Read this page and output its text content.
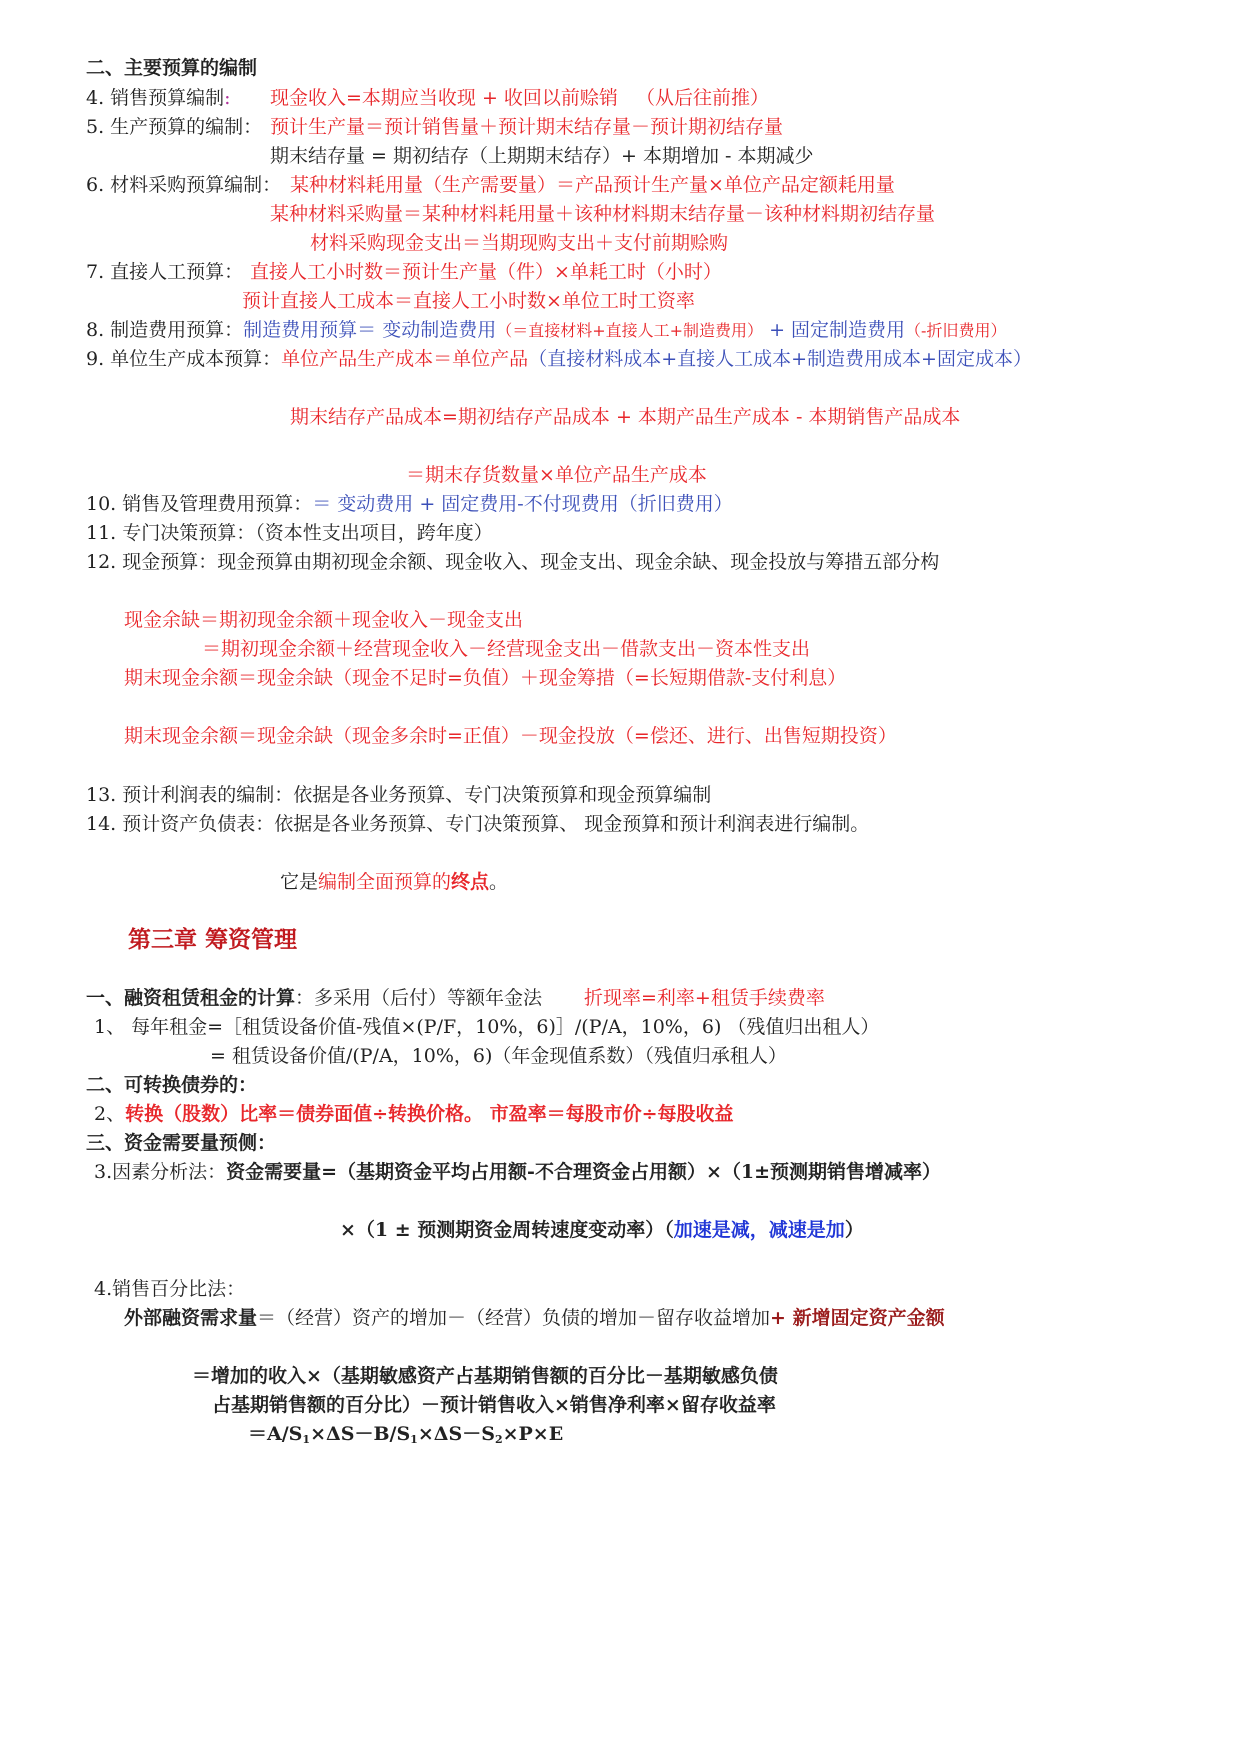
二、主要预算的编制
4. 销售预算编制: 现金收入=本期应当收现 + 收回以前赊销 （从后往前推）
5. 生产预算的编制： 预计生产量＝预计销售量＋预计期末结存量－预计期初结存量
期末结存量 = 期初结存（上期期末结存）+ 本期增加 - 本期减少
6. 材料采购预算编制： 某种材料耗用量（生产需要量）＝产品预计生产量×单位产品定额耗用量
某种材料采购量＝某种材料耗用量＋该种材料期末结存量－该种材料期初结存量
材料采购现金支出＝当期现购支出＋支付前期赊购
7. 直接人工预算： 直接人工小时数＝预计生产量（件）×单耗工时（小时）
预计直接人工成本＝直接人工小时数×单位工时工资率
8. 制造费用预算：制造费用预算＝ 变动制造费用（＝直接材料+直接人工+制造费用） + 固定制造费用（-折旧费用）
9. 单位生产成本预算：单位产品生产成本＝单位产品（直接材料成本+直接人工成本+制造费用成本+固定成本）
期末结存产品成本=期初结存产品成本 + 本期产品生产成本 - 本期销售产品成本
＝期末存货数量×单位产品生产成本
10. 销售及管理费用预算：＝ 变动费用 + 固定费用-不付现费用（折旧费用）
11. 专门决策预算：（资本性支出项目，跨年度）
12. 现金预算：现金预算由期初现金余额、现金收入、现金支出、现金余缺、现金投放与筹措五部分构
现金余缺＝期初现金余额＋现金收入－现金支出
＝期初现金余额＋经营现金收入－经营现金支出－借款支出－资本性支出
期末现金余额＝现金余缺（现金不足时=负值）＋现金筹措（=长短期借款-支付利息）
期末现金余额＝现金余缺（现金多余时=正值）－现金投放（=偿还、进行、出售短期投资）
13. 预计利润表的编制：依据是各业务预算、专门决策预算和现金预算编制
14. 预计资产负债表：依据是各业务预算、专门决策预算、 现金预算和预计利润表进行编制。
它是编制全面预算的终点。
第三章 筹资管理
一、融资租赁租金的计算：多采用（后付）等额年金法 折现率=利率+租赁手续费率
1、 每年租金=［租赁设备价值-残值×(P/F，10%，6)］/(P/A，10%，6) （残值归出租人）
= 租赁设备价值/(P/A，10%，6)（年金现值系数）（残值归承租人）
二、可转换债券的：
2、转换（股数）比率＝债券面值÷转换价格。 市盈率＝每股市价÷每股收益
三、资金需要量预侧：
3.因素分析法：资金需要量=（基期资金平均占用额-不合理资金占用额）×（1±预测期销售增减率）
×（1 ± 预测期资金周转速度变动率）（加速是减，减速是加）
4.销售百分比法：
外部融资需求量＝（经营）资产的增加－（经营）负债的增加－留存收益增加+ 新增固定资产金额
＝增加的收入×（基期敏感资产占基期销售额的百分比－基期敏感负债
占基期销售额的百分比）－预计销售收入×销售净利率×留存收益率
$=A/S_1\times\Delta S-B/S_1\times\Delta S-S_2\times P\times E$
